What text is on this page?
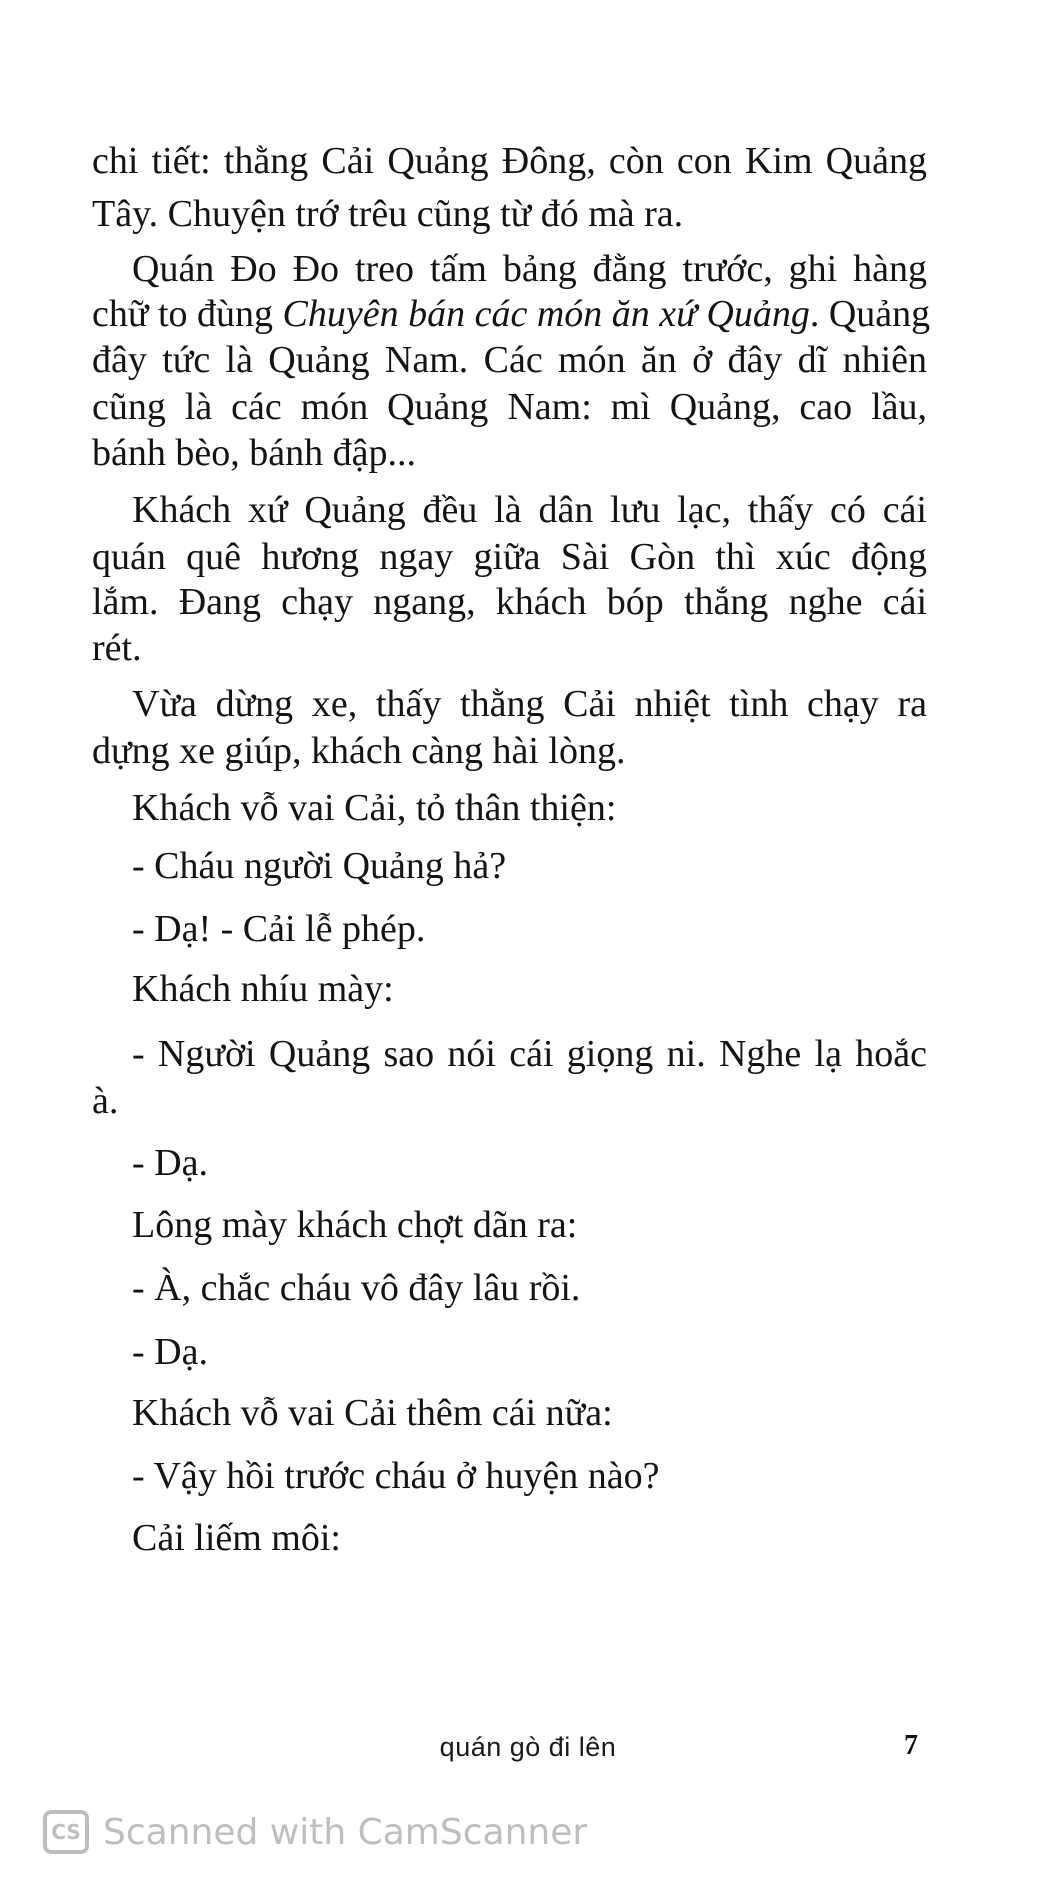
chi tiết: thằng Cải Quảng Đông, còn con Kim Quảng
Tây. Chuyện trớ trêu cũng từ đó mà ra.
Quán Đo Đo treo tấm bảng đằng trước, ghi hàng
chữ to đùng Chuyên bán các món ăn xứ Quảng. Quảng
đây tức là Quảng Nam. Các món ăn ở đây dĩ nhiên
cũng là các món Quảng Nam: mì Quảng, cao lầu,
bánh bèo, bánh đập...
Khách xứ Quảng đều là dân lưu lạc, thấy có cái
quán quê hương ngay giữa Sài Gòn thì xúc động
lắm. Đang chạy ngang, khách bóp thắng nghe cái
rét.
Vừa dừng xe, thấy thằng Cải nhiệt tình chạy ra
dựng xe giúp, khách càng hài lòng.
Khách vỗ vai Cải, tỏ thân thiện:
- Cháu người Quảng hả?
- Dạ! - Cải lễ phép.
Khách nhíu mày:
- Người Quảng sao nói cái giọng ni. Nghe lạ hoắc
à.
- Dạ.
Lông mày khách chợt dãn ra:
- À, chắc cháu vô đây lâu rồi.
- Dạ.
Khách vỗ vai Cải thêm cái nữa:
- Vậy hồi trước cháu ở huyện nào?
Cải liếm môi:
quán gò đi lên	7
CS Scanned with CamScanner
